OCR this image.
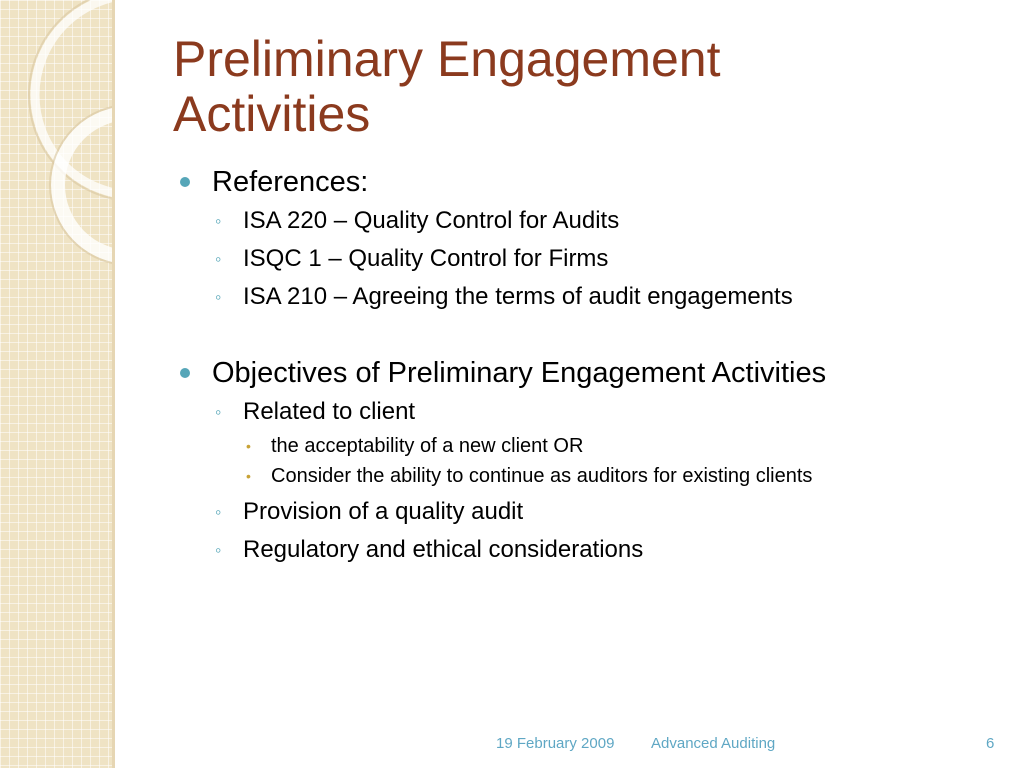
Preliminary Engagement
Activities
References:
◦ ISA 220 – Quality Control for Audits
◦ ISQC 1 – Quality Control for Firms
◦ ISA 210 – Agreeing the terms of audit engagements
Objectives of Preliminary Engagement Activities
◦ Related to client
• the acceptability of a new client OR
• Consider the ability to continue as auditors for existing clients
◦ Provision of a quality audit
◦ Regulatory and ethical considerations
19 February 2009 Advanced Auditing	6
